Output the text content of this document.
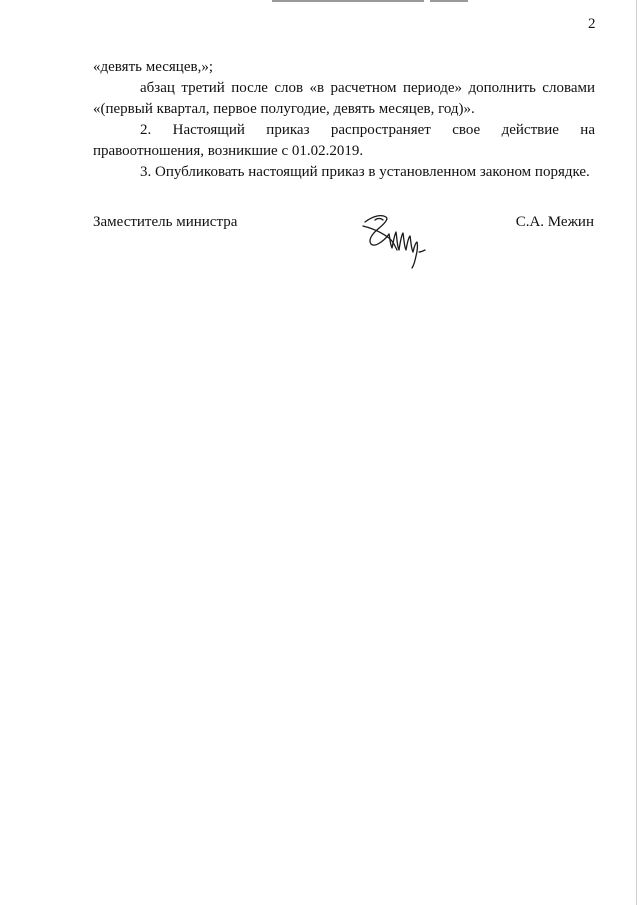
2

«девять месяцев,»;

абзац третий после слов «в расчетном периоде» дополнить словами

«(первый квартал, первое полугодие, девять месяцев, год)».

2. Настоящий приказ распространяет свое действие на

правоотношения, возникшие с 01.02.2019.

3. Опубликовать настоящий приказ в установленном законом порядке.

Заместитель министра	С.А. Межин
